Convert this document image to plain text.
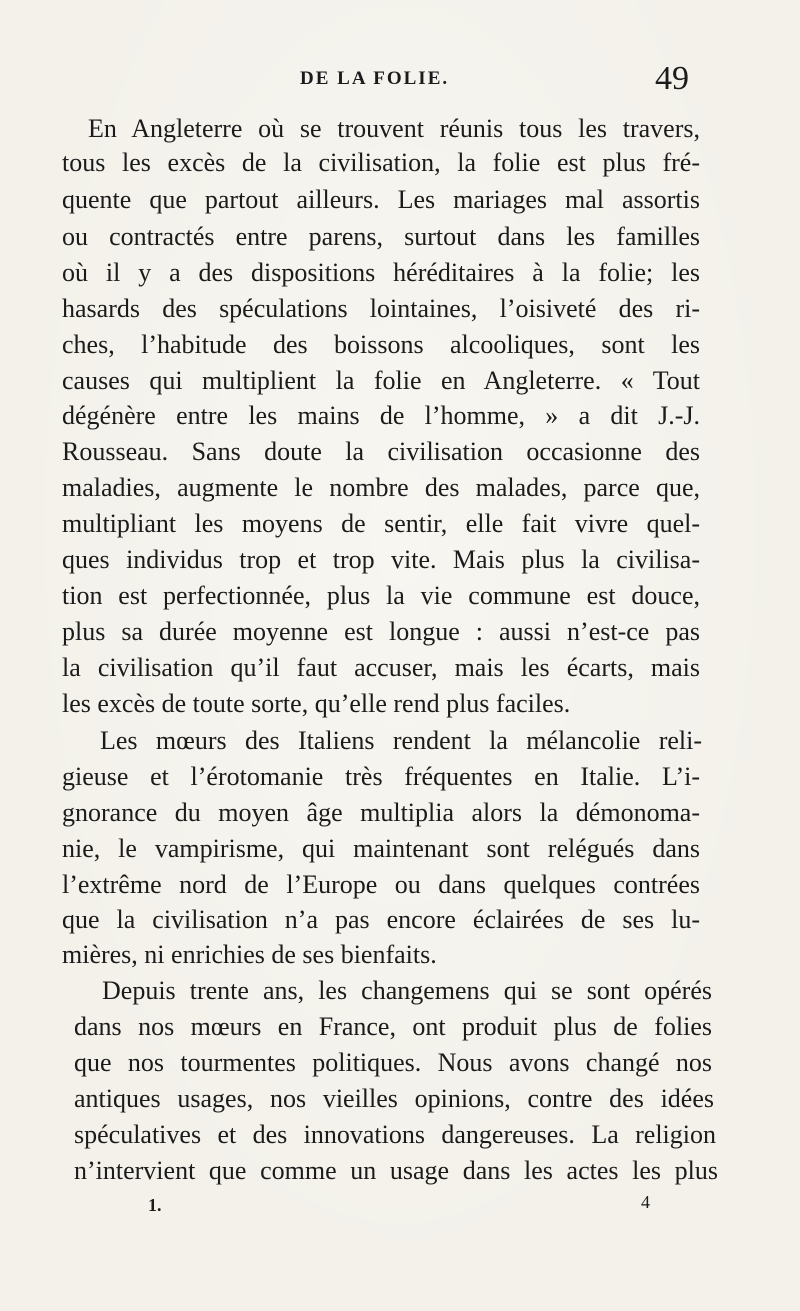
DE LA FOLIE.	49
En Angleterre où se trouvent réunis tous les travers,
tous les excès de la civilisation, la folie est plus fré-
quente que partout ailleurs. Les mariages mal assortis
ou contractés entre parens, surtout dans les familles
où il y a des dispositions héréditaires à la folie; les
hasards des spéculations lointaines, l’oisiveté des ri-
ches, l’habitude des boissons alcooliques, sont les
causes qui multiplient la folie en Angleterre. « Tout
dégénère entre les mains de l’homme, » a dit J.-J.
Rousseau. Sans doute la civilisation occasionne des
maladies, augmente le nombre des malades, parce que,
multipliant les moyens de sentir, elle fait vivre quel-
ques individus trop et trop vite. Mais plus la civilisa-
tion est perfectionnée, plus la vie commune est douce,
plus sa durée moyenne est longue : aussi n’est-ce pas
la civilisation qu’il faut accuser, mais les écarts, mais
les excès de toute sorte, qu’elle rend plus faciles.
Les mœurs des Italiens rendent la mélancolie reli-
gieuse et l’érotomanie très fréquentes en Italie. L’i-
gnorance du moyen âge multiplia alors la démonoma-
nie, le vampirisme, qui maintenant sont relégués dans
l’extrême nord de l’Europe ou dans quelques contrées
que la civilisation n’a pas encore éclairées de ses lu-
mières, ni enrichies de ses bienfaits.
Depuis trente ans, les changemens qui se sont opérés
dans nos mœurs en France, ont produit plus de folies
que nos tourmentes politiques. Nous avons changé nos
antiques usages, nos vieilles opinions, contre des idées
spéculatives et des innovations dangereuses. La religion
n’intervient que comme un usage dans les actes les plus
1.	4
